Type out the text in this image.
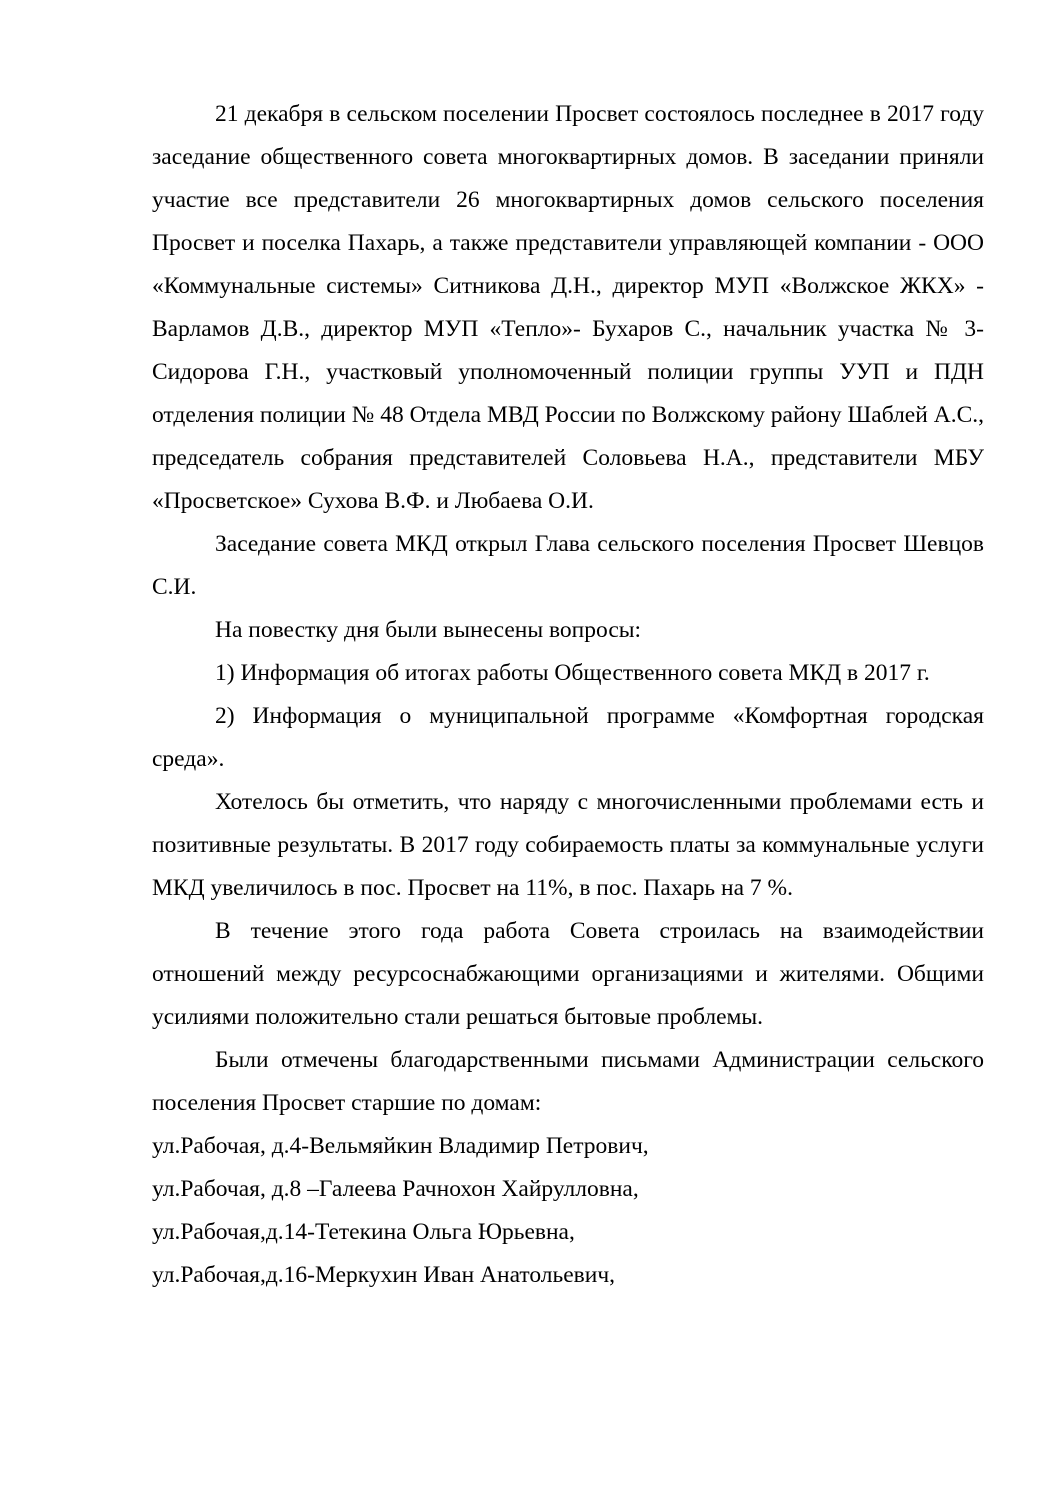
21 декабря в сельском поселении Просвет состоялось последнее в 2017 году заседание общественного совета многоквартирных домов. В заседании приняли участие все представители 26 многоквартирных домов сельского поселения Просвет и поселка Пахарь, а также представители управляющей компании - ООО «Коммунальные системы» Ситникова Д.Н., директор МУП «Волжское ЖКХ» - Варламов Д.В., директор МУП «Тепло»- Бухаров С., начальник участка № 3- Сидорова Г.Н., участковый уполномоченный полиции группы УУП и ПДН отделения полиции № 48 Отдела МВД России по Волжскому району Шаблей А.С., председатель собрания представителей Соловьева Н.А., представители МБУ «Просветское» Сухова В.Ф. и Любаева О.И.

Заседание совета МКД открыл Глава сельского поселения Просвет Шевцов С.И.

На повестку дня были вынесены вопросы:

1) Информация об итогах работы Общественного совета МКД в 2017 г.

2) Информация о муниципальной программе «Комфортная городская среда».

Хотелось бы отметить, что наряду с многочисленными проблемами есть и позитивные результаты. В 2017 году собираемость платы за коммунальные услуги МКД увеличилось в пос. Просвет на 11%, в пос. Пахарь на 7 %.

В течение этого года работа Совета строилась на взаимодействии отношений между ресурсоснабжающими организациями и жителями. Общими усилиями положительно стали решаться бытовые проблемы.

Были отмечены благодарственными письмами Администрации сельского поселения Просвет старшие по домам:

ул.Рабочая, д.4-Вельмяйкин Владимир Петрович,
ул.Рабочая, д.8 –Галеева Рачнохон Хайрулловна,
ул.Рабочая,д.14-Тетекина Ольга Юрьевна,
ул.Рабочая,д.16-Меркухин Иван Анатольевич,
